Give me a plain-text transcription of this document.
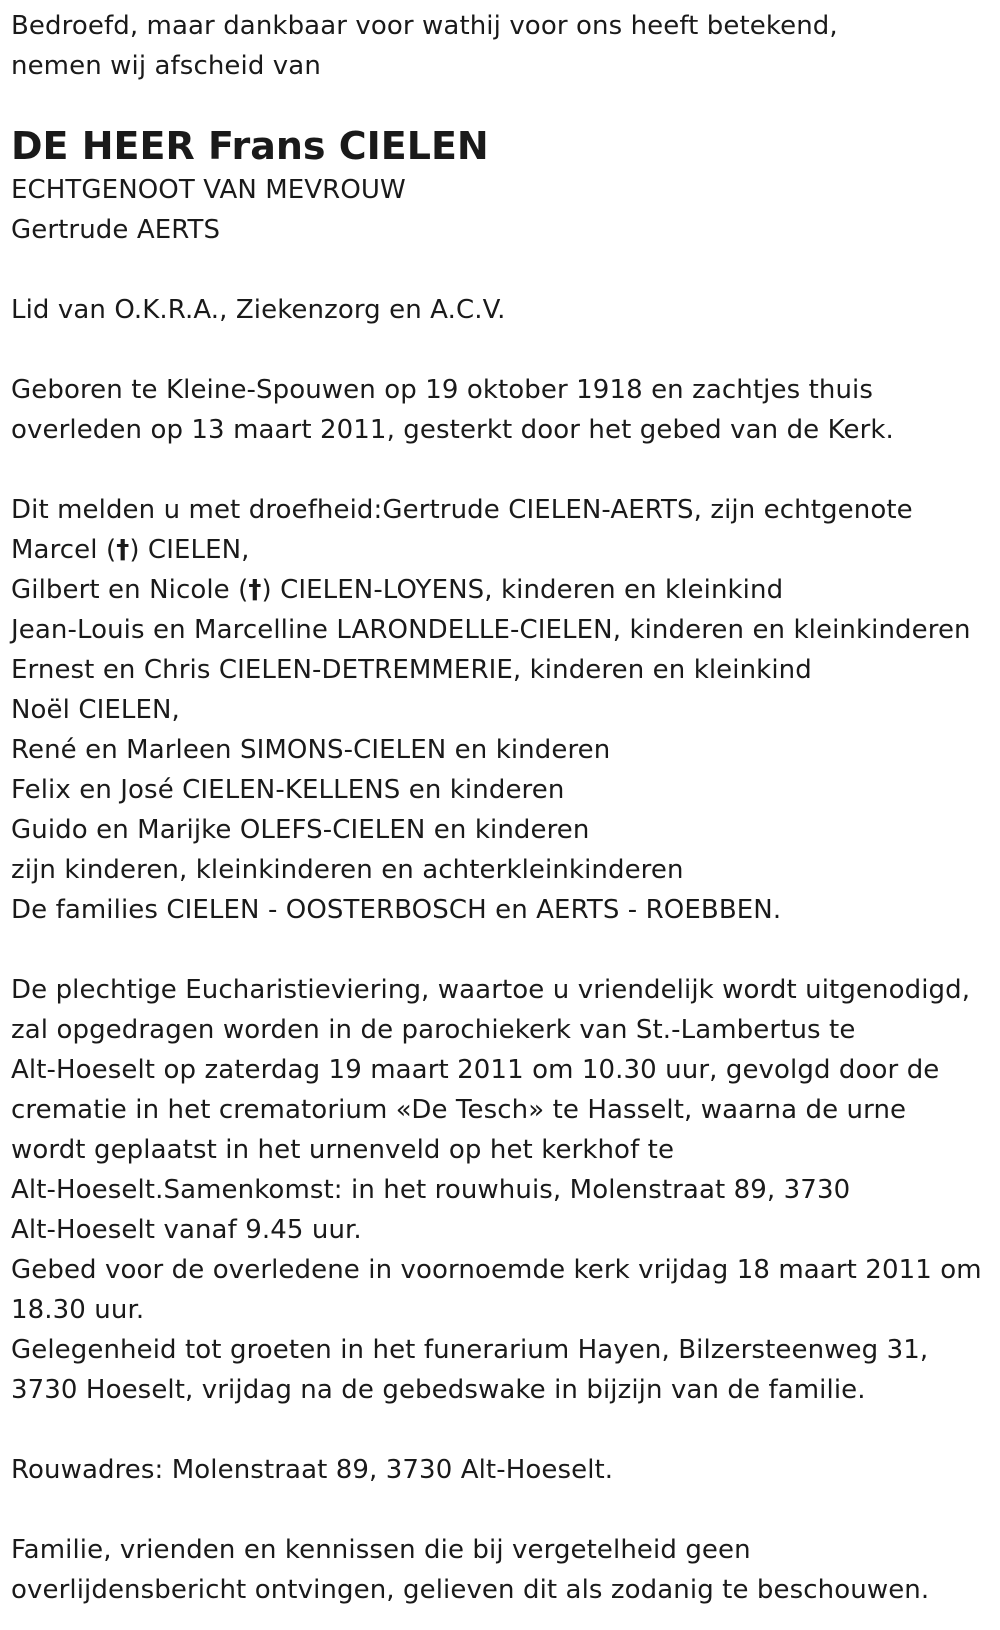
Bedroefd, maar dankbaar voor wathij voor ons heeft betekend,
nemen wij afscheid van
DE HEER Frans CIELEN
ECHTGENOOT VAN MEVROUW
Gertrude AERTS
Lid van O.K.R.A., Ziekenzorg en A.C.V.
Geboren te Kleine-Spouwen op 19 oktober 1918 en zachtjes thuis
overleden op 13 maart 2011, gesterkt door het gebed van de Kerk.
Dit melden u met droefheid:Gertrude CIELEN-AERTS, zijn echtgenote
Marcel (†) CIELEN,
Gilbert en Nicole (†) CIELEN-LOYENS, kinderen en kleinkind
Jean-Louis en Marcelline LARONDELLE-CIELEN, kinderen en kleinkinderen
Ernest en Chris CIELEN-DETREMMERIE, kinderen en kleinkind
Noël CIELEN,
René en Marleen SIMONS-CIELEN en kinderen
Felix en José CIELEN-KELLENS en kinderen
Guido en Marijke OLEFS-CIELEN en kinderen
zijn kinderen, kleinkinderen en achterkleinkinderen
De families CIELEN - OOSTERBOSCH en AERTS - ROEBBEN.
De plechtige Eucharistieviering, waartoe u vriendelijk wordt uitgenodigd,
zal opgedragen worden in de parochiekerk van St.-Lambertus te
Alt-Hoeselt op zaterdag 19 maart 2011 om 10.30 uur, gevolgd door de
crematie in het crematorium «De Tesch» te Hasselt, waarna de urne
wordt geplaatst in het urnenveld op het kerkhof te
Alt-Hoeselt.Samenkomst: in het rouwhuis, Molenstraat 89, 3730
Alt-Hoeselt vanaf 9.45 uur.
Gebed voor de overledene in voornoemde kerk vrijdag 18 maart 2011 om
18.30 uur.
Gelegenheid tot groeten in het funerarium Hayen, Bilzersteenweg 31,
3730 Hoeselt, vrijdag na de gebedswake in bijzijn van de familie.
Rouwadres: Molenstraat 89, 3730 Alt-Hoeselt.
Familie, vrienden en kennissen die bij vergetelheid geen
overlijdensbericht ontvingen, gelieven dit als zodanig te beschouwen.
